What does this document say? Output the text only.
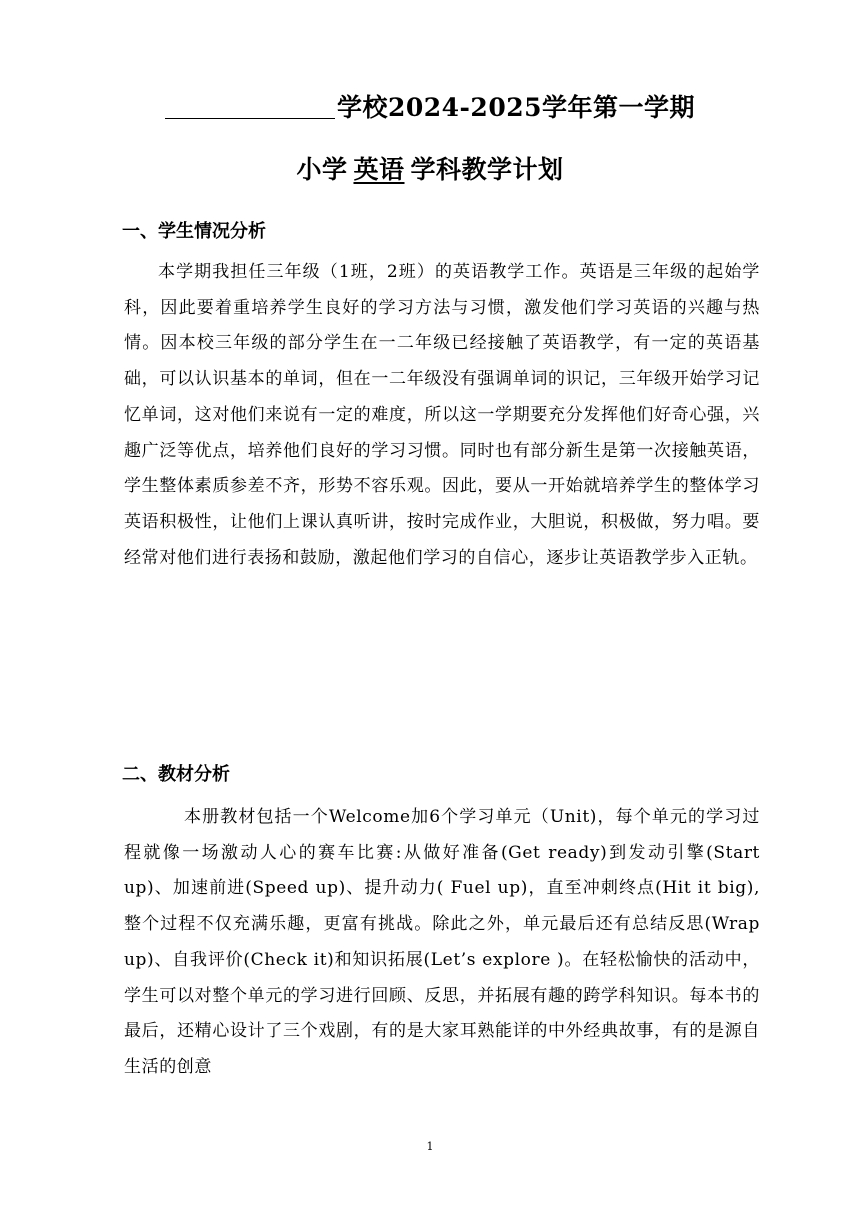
学校2024-2025学年第一学期
小学 英语 学科教学计划
一、学生情况分析
本学期我担任三年级（1班，2班）的英语教学工作。英语是三年级的起始学科，因此要着重培养学生良好的学习方法与习惯，激发他们学习英语的兴趣与热情。因本校三年级的部分学生在一二年级已经接触了英语教学，有一定的英语基础，可以认识基本的单词，但在一二年级没有强调单词的识记，三年级开始学习记忆单词，这对他们来说有一定的难度，所以这一学期要充分发挥他们好奇心强，兴趣广泛等优点，培养他们良好的学习习惯。同时也有部分新生是第一次接触英语，学生整体素质参差不齐，形势不容乐观。因此，要从一开始就培养学生的整体学习英语积极性，让他们上课认真听讲，按时完成作业，大胆说，积极做，努力唱。要经常对他们进行表扬和鼓励，激起他们学习的自信心，逐步让英语教学步入正轨。
二、教材分析
本册教材包括一个Welcome加6个学习单元（Unit)，每个单元的学习过程就像一场激动人心的赛车比赛:从做好准备(Get ready)到发动引擎(Start up)、加速前进(Speed up)、提升动力( Fuel up)，直至冲刺终点(Hit it big),整个过程不仅充满乐趣，更富有挑战。除此之外，单元最后还有总结反思(Wrap up)、自我评价(Check it)和知识拓展(Let’s explore )。在轻松愉快的活动中，学生可以对整个单元的学习进行回顾、反思，并拓展有趣的跨学科知识。每本书的最后，还精心设计了三个戏剧，有的是大家耳熟能详的中外经典故事，有的是源自生活的创意
1
